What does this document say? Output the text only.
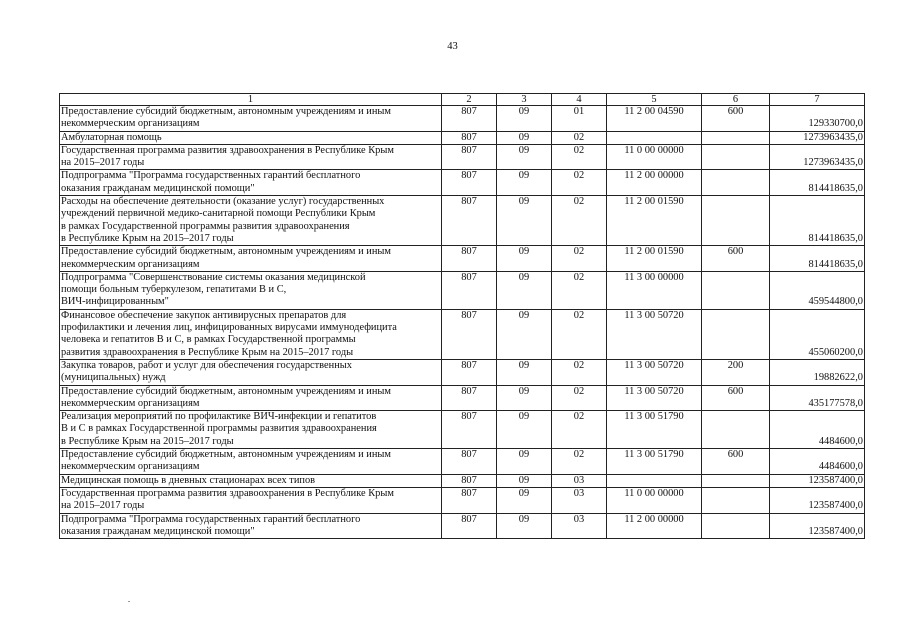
43
1	2	3	4	5	6	7

Предоставление субсидий бюджетным, автономным учреждениям и иным
некоммерческим организациям	807	09	01	11 2 00 04590	600	129330700,0

Амбулаторная помощь	807	09	02			1273963435,0

Государственная программа развития здравоохранения в Республике Крым
на 2015–2017 годы	807	09	02	11 0 00 00000		1273963435,0

Подпрограмма "Программа государственных гарантий бесплатного
оказания гражданам медицинской помощи"	807	09	02	11 2 00 00000		814418635,0

Расходы на обеспечение деятельности (оказание услуг) государственных
учреждений первичной медико-санитарной помощи Республики Крым
в рамках Государственной программы развития здравоохранения
в Республике Крым на 2015–2017 годы	807	09	02	11 2 00 01590		814418635,0

Предоставление субсидий бюджетным, автономным учреждениям и иным
некоммерческим организациям	807	09	02	11 2 00 01590	600	814418635,0

Подпрограмма "Совершенствование системы оказания медицинской
помощи больным туберкулезом, гепатитами В и С,
ВИЧ-инфицированным"	807	09	02	11 3 00 00000		459544800,0

Финансовое обеспечение закупок антивирусных препаратов для
профилактики и лечения лиц, инфицированных вирусами иммунодефицита
человека и гепатитов В и С, в рамках Государственной программы
развития здравоохранения в Республике Крым на 2015–2017 годы	807	09	02	11 3 00 50720		455060200,0

Закупка товаров, работ и услуг для обеспечения государственных
(муниципальных) нужд	807	09	02	11 3 00 50720	200	19882622,0

Предоставление субсидий бюджетным, автономным учреждениям и иным
некоммерческим организациям	807	09	02	11 3 00 50720	600	435177578,0

Реализация мероприятий по профилактике ВИЧ-инфекции и гепатитов
В и С в рамках Государственной программы развития здравоохранения
в Республике Крым на 2015–2017 годы	807	09	02	11 3 00 51790		4484600,0

Предоставление субсидий бюджетным, автономным учреждениям и иным
некоммерческим организациям	807	09	02	11 3 00 51790	600	4484600,0

Медицинская помощь в дневных стационарах всех типов	807	09	03			123587400,0

Государственная программа развития здравоохранения в Республике Крым
на 2015–2017 годы	807	09	03	11 0 00 00000		123587400,0

Подпрограмма "Программа государственных гарантий бесплатного
оказания гражданам медицинской помощи"	807	09	03	11 2 00 00000		123587400,0
